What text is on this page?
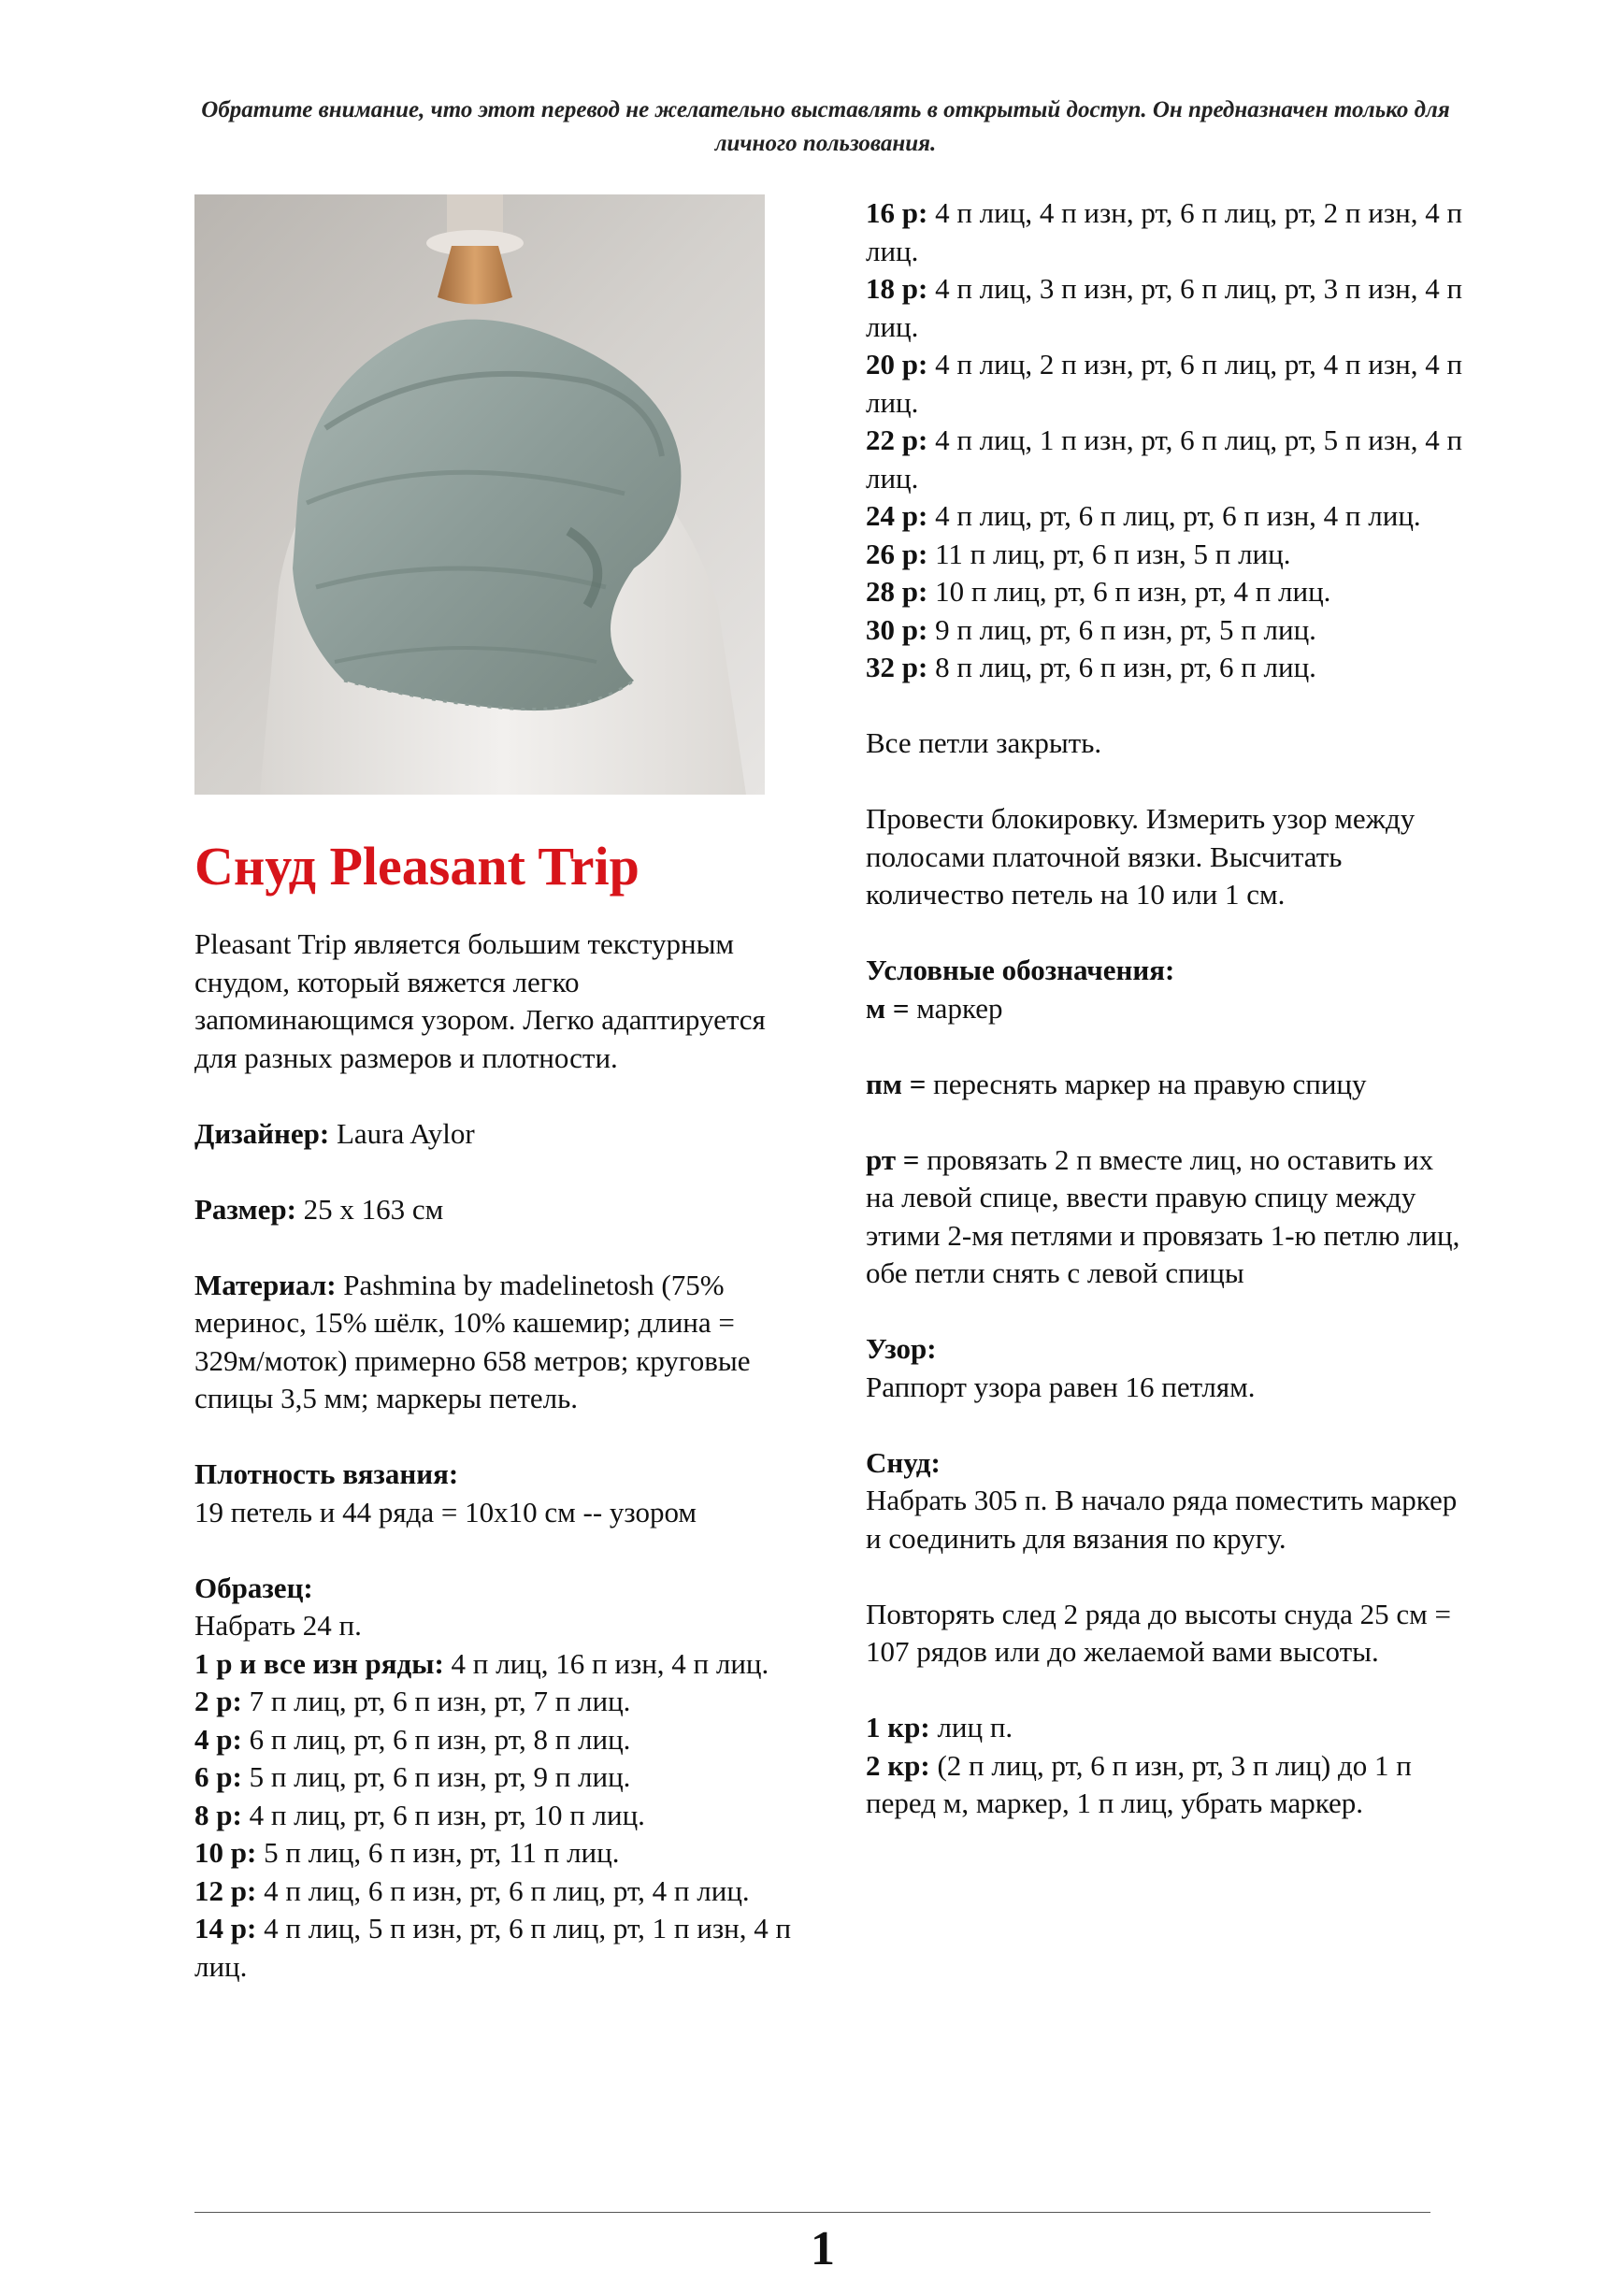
Обратите внимание, что этот перевод не желательно выставлять в открытый доступ. Он предназначен только для личного пользования.
Снуд Pleasant Trip

Pleasant Trip является большим текстурным снудом, который вяжется легко запоминающимся узором. Легко адаптируется для разных размеров и плотности.

Дизайнер: Laura Aylor

Размер: 25 x 163 см

Материал: Pashmina by madelinetosh (75% меринос, 15% шёлк, 10% кашемир; длина = 329м/моток) примерно 658 метров; круговые спицы 3,5 мм; маркеры петель.

Плотность вязания:

19 петель и 44 ряда = 10x10 см -- узором

Образец:

Набрать 24 п.

1 р и все изн ряды: 4 п лиц, 16 п изн, 4 п лиц.

2 р: 7 п лиц, рт, 6 п изн, рт, 7 п лиц.

4 р: 6 п лиц, рт, 6 п изн, рт, 8 п лиц.

6 р: 5 п лиц, рт, 6 п изн, рт, 9 п лиц.

8 р: 4 п лиц, рт, 6 п изн, рт, 10 п лиц.

10 р: 5 п лиц, 6 п изн, рт, 11 п лиц.

12 р: 4 п лиц, 6 п изн, рт, 6 п лиц, рт, 4 п лиц.

14 р: 4 п лиц, 5 п изн, рт, 6 п лиц, рт, 1 п изн, 4 п лиц.

16 р: 4 п лиц, 4 п изн, рт, 6 п лиц, рт, 2 п изн, 4 п лиц.

18 р: 4 п лиц, 3 п изн, рт, 6 п лиц, рт, 3 п изн, 4 п лиц.

20 р: 4 п лиц, 2 п изн, рт, 6 п лиц, рт, 4 п изн, 4 п лиц.

22 р: 4 п лиц, 1 п изн, рт, 6 п лиц, рт, 5 п изн, 4 п лиц.

24 р: 4 п лиц, рт, 6 п лиц, рт, 6 п изн, 4 п лиц.

26 р: 11 п лиц, рт, 6 п изн, 5 п лиц.

28 р: 10 п лиц, рт, 6 п изн, рт, 4 п лиц.

30 р: 9 п лиц, рт, 6 п изн, рт, 5 п лиц.

32 р: 8 п лиц, рт, 6 п изн, рт, 6 п лиц.

Все петли закрыть.

Провести блокировку. Измерить узор между полосами платочной вязки. Высчитать количество петель на 10 или 1 см.

Условные обозначения:

м = маркер

пм = переснять маркер на правую спицу

рт = провязать 2 п вместе лиц, но оставить их на левой спице, ввести правую спицу между этими 2-мя петлями и провязать 1-ю петлю лиц, обе петли снять с левой спицы

Узор:

Раппорт узора равен 16 петлям.

Снуд:

Набрать 305 п. В начало ряда поместить маркер и соединить для вязания по кругу.

Повторять след 2 ряда до высоты снуда 25 см = 107 рядов или до желаемой вами высоты.

1 кр: лиц п.

2 кр: (2 п лиц, рт, 6 п изн, рт, 3 п лиц) до 1 п перед м, маркер, 1 п лиц, убрать маркер.

1
